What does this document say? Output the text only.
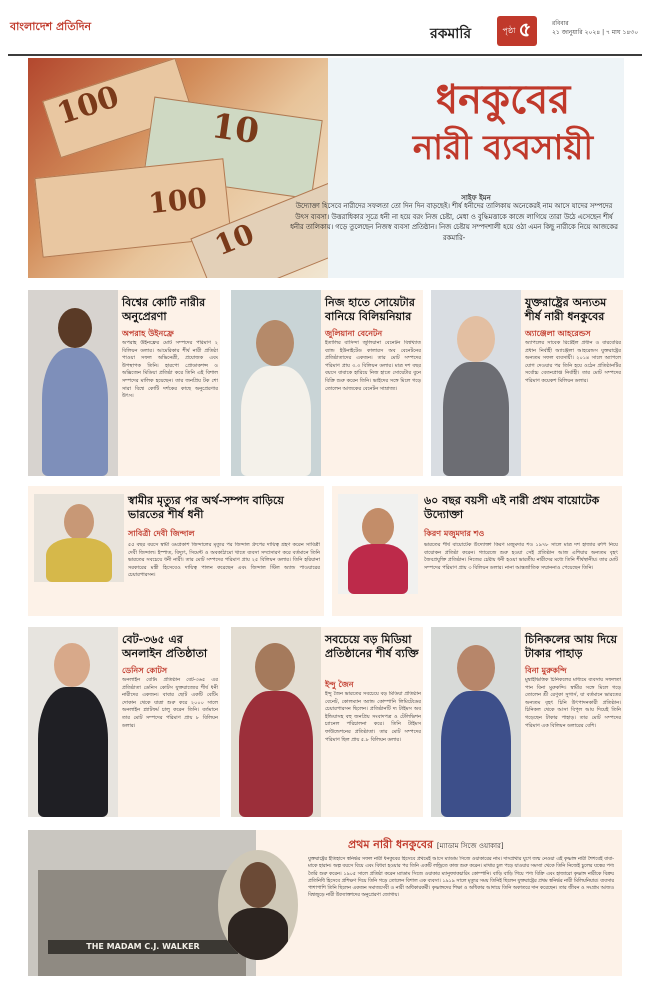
বাংলাদেশ প্রতিদিন	রকমারি	পৃষ্ঠা ৫	রবিবার
২১ জানুয়ারি ২০২৪ | ৭ মাঘ ১৪৩০
100	10
100
10
ধনকুবের
নারী ব্যবসায়ী
সাইফ ইমন
উদ্যোক্তা হিসেবে নারীদের সফলতা তো দিন দিন বাড়ছেই। শীর্ষ ধনীদের তালিকায় অনেকেরই নাম আসে যাদের সম্পদের উৎস ব্যবসা। উত্তরাধিকার সূত্রে ধনী না হয়ে বরং নিজ চেষ্টা, মেধা ও বুদ্ধিমত্তাকে কাজে লাগিয়ে তারা উঠে এসেছেন শীর্ষ ধনীর তালিকায়। গড়ে তুলেছেন নিজস্ব ব্যবসা প্রতিষ্ঠান। নিজ চেষ্টায় সম্পদশালী হয়ে ওঠা এমন কিছু নারীকে নিয়ে আজকের রকমারি-
বিশ্বের কোটি নারীর অনুপ্রেরণা
অপরাহ উইনফ্রে
অপরাহ উইনফ্রের মোট সম্পদের পরিমাণ ২ বিলিয়ন ডলার। আমেরিকার শীর্ষ নারী প্রতিষ্ঠা পাওয়া সফল অভিনেত্রী, প্রযোজক এবং উপস্থাপক তিনি। হারপো প্রোডাকশন্স ও অক্সিজেন মিডিয়া প্রতিষ্ঠা করে তিনি এই বিশাল সম্পদের মালিক হয়েছেন। তার জনপ্রিয় টক শো সারা বিশ্বে কোটি দর্শকের কাছে অনুপ্রেরণার উৎস।
নিজ হাতে সোয়েটার বানিয়ে বিলিয়নিয়ার
জুলিয়ানা বেনেটন
ইতালির বাসিন্দা জুলিয়ানা বেনেটন বিশ্বখ্যাত ব্যান্ড ইউনাইটেড কালারস অব বেনেটনের প্রতিষ্ঠাতাদের একজন। তার মোট সম্পদের পরিমাণ প্রায় ৩.৩ বিলিয়ন ডলার। মাত্র দশ বছর বয়সে বাবাকে হারিয়ে নিজ হাতে সোয়েটার বুনে বিক্রি শুরু করেন তিনি। ভাইদের সঙ্গে মিলে গড়ে তোলেন আজকের বেনেটন সাম্রাজ্য।
যুক্তরাষ্ট্রের অন্যতম শীর্ষ নারী ধনকুবের
অ্যাঞ্জেলা আহরেন্ডস
অ্যাপলের সাবেক রিটেইল প্রধান ও বারবেরির প্রধান নির্বাহী অ্যাঞ্জেলা আহরেন্ডস যুক্তরাষ্ট্রের অন্যতম সফল ব্যবসায়ী। ২০১৪ সালে অ্যাপলে যোগ দেওয়ার পর তিনি হয়ে ওঠেন প্রতিষ্ঠানটির সর্বোচ্চ বেতনপ্রাপ্ত নির্বাহী। তার মোট সম্পদের পরিমাণ কয়েকশ মিলিয়ন ডলার।
স্বামীর মৃত্যুর পর অর্থ-সম্পদ বাড়িয়ে ভারতের শীর্ষ ধনী
সাবিত্রী দেবী জিন্দাল
৫৫ বছর বয়সে স্বামী ওমপ্রকাশ জিন্দালের মৃত্যুর পর জিন্দাল গ্রুপের দায়িত্ব গ্রহণ করেন সাবিত্রী দেবী জিন্দাল। ইস্পাত, বিদ্যুৎ, সিমেন্ট ও অবকাঠামো খাতে ব্যবসা সম্প্রসারণ করে বর্তমানে তিনি ভারতের সবচেয়ে ধনী নারী। তার মোট সম্পদের পরিমাণ প্রায় ২৫ বিলিয়ন ডলার। তিনি হরিয়ানা সরকারের মন্ত্রী হিসেবেও দায়িত্ব পালন করেছেন এবং জিন্দাল স্টিল অ্যান্ড পাওয়ারের চেয়ারপারসন।
৬০ বছর বয়সী এই নারী প্রথম বায়োটেক উদ্যোক্তা
কিরণ মজুমদার শও
ভারতের শীর্ষ বায়োটেক উদ্যোক্তা কিরণ মজুমদার শও ১৯৭৮ সালে মাত্র দশ হাজার রুপি নিয়ে বায়োকন প্রতিষ্ঠা করেন। গ্যারেজে শুরু হওয়া সেই প্রতিষ্ঠান আজ এশিয়ার অন্যতম বৃহৎ জৈবপ্রযুক্তি প্রতিষ্ঠান। নিজের চেষ্টায় ধনী হওয়া ভারতীয় নারীদের মধ্যে তিনি শীর্ষস্থানীয়। তার মোট সম্পদের পরিমাণ প্রায় ৩ বিলিয়ন ডলার। নানা আন্তর্জাতিক সম্মাননাও পেয়েছেন তিনি।
বেট-৩৬৫ এর অনলাইন প্রতিষ্ঠাতা
ডেনিস কোটস
অনলাইন বেটিং প্রতিষ্ঠান বেট-৩৬৫ এর প্রতিষ্ঠাতা ডেনিস কোটস যুক্তরাজ্যের শীর্ষ ধনী নারীদের একজন। বাবার ছোট একটি বেটিং দোকান থেকে যাত্রা শুরু করে ২০০০ সালে অনলাইন প্ল্যাটফর্ম চালু করেন তিনি। বর্তমানে তার মোট সম্পদের পরিমাণ প্রায় ৮ বিলিয়ন ডলার।
সবচেয়ে বড় মিডিয়া প্রতিষ্ঠানের শীর্ষ ব্যক্তি
ইন্দু জৈন
ইন্দু জৈন ভারতের সবচেয়ে বড় মিডিয়া প্রতিষ্ঠান বেনেট, কোলম্যান অ্যান্ড কোম্পানি লিমিটেডের চেয়ারপারসন ছিলেন। প্রতিষ্ঠানটি দ্য টাইমস অব ইন্ডিয়াসহ বহু জনপ্রিয় সংবাদপত্র ও টেলিভিশন চ্যানেল পরিচালনা করে। তিনি টাইমস ফাউন্ডেশনের প্রতিষ্ঠাতা। তার মোট সম্পদের পরিমাণ ছিল প্রায় ৫.৮ বিলিয়ন ডলার।
চিনিকলের আয় দিয়ে টাকার পাহাড়
বিনা মুরুকন্দি
মুম্বাইভিত্তিক চিনিকলের মাধ্যমে ব্যবসায় সফলতা পান বিনা মুরুকন্দি। স্বামীর সঙ্গে মিলে গড়ে তোলেন শ্রী রেণুকা সুগার্স, যা বর্তমানে ভারতের অন্যতম বৃহৎ চিনি উৎপাদনকারী প্রতিষ্ঠান। চিনিকল থেকে আসা বিপুল আয় দিয়েই তিনি গড়েছেন টাকার পাহাড়। তার মোট সম্পদের পরিমাণ এক বিলিয়ন ডলারের বেশি।
THE MADAM C.J. WALKER
প্রথম নারী ধনকুবের [ম্যাডাম সিজে ওয়াকার]
যুক্তরাষ্ট্রের ইতিহাসে স্বনির্ভর সফল নারী ধনকুবের হিসেবে প্রথমেই আসে ম্যাডাম সিজে ওয়াকারের নাম। দাসপ্রথার যুগে জন্ম নেওয়া এই কৃষ্ণাঙ্গ নারী শৈশবেই বাবা-মাকে হারান। অল্প বয়সে বিয়ে এবং বিধবা হওয়ার পর তিনি একটি লন্ড্রিতে কাজ শুরু করেন। মাথার চুল পড়ে যাওয়ার সমস্যা থেকে তিনি নিজেই চুলের যত্নের পণ্য তৈরি শুরু করেন। ১৯০৫ সালে প্রতিষ্ঠা করেন ম্যাডাম সিজে ওয়াকার ম্যানুফ্যাকচারিং কোম্পানি। বাড়ি বাড়ি গিয়ে পণ্য বিক্রি এবং হাজারো কৃষ্ণাঙ্গ নারীকে বিক্রয় প্রতিনিধি হিসেবে প্রশিক্ষণ দিয়ে তিনি গড়ে তোলেন বিশাল এক ব্যবসা। ১৯১৯ সালে মৃত্যুর সময় তিনিই ছিলেন যুক্তরাষ্ট্রের প্রথম স্বনির্ভর নারী মিলিয়নিয়ার। ব্যবসার পাশাপাশি তিনি ছিলেন একজন সমাজসেবী ও নারী অধিকারকর্মী। কৃষ্ণাঙ্গদের শিক্ষা ও অধিকার আদায়ে তিনি অকাতরে দান করেছেন। তার জীবন ও সংগ্রাম আজও বিশ্বজুড়ে নারী উদ্যোক্তাদের অনুপ্রেরণা জোগায়।
